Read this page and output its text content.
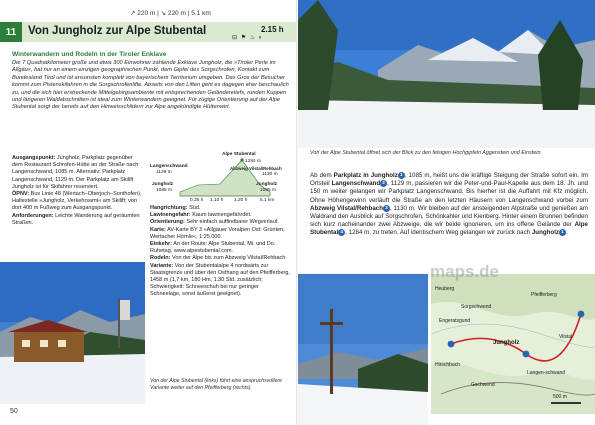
↗ 220 m | ↘ 220 m | 5.1 km
11	Von Jungholz zur Alpe Stubental	2.15 h
⊟ ⚑ ♨ ◐
Winterwandern und Rodeln in der Tiroler Enklave
Die 7 Quadratkilometer große und etwa 300 Einwohner zählende Exklave Jungholz, die »Tiroler Perle im Allgäu«, hat nur an einem einzigen geographischen Punkt, dem Gipfel des Sorgschrofen, Kontakt zum Bundesland Tirol und ist ansonsten komplett von bayerischem Territorium umgeben. Das Gros der Besucher kommt zum Pistenskifahren in die Sorgschrofenlifte. Abseits von den Liften geht es dagegen eher beschaulich zu, und die sich hier erstreckende Mittelgebirgsambiente mit entsprechenden Geländereliefs, runden Kuppen und längeren Waldabschnitten ist ideal zum Winterwandern geeignet. Für zügige Orientierung auf der Alpe Stubental sorgt der bereits auf den Hinweisschildern zur Alpe angekündigte Hüttenwirt.
Ausgangspunkt: Jungholz, Parkplatz gegenüber dem Restaurant Schrofen-Hütte an der Straße nach Langenschwand, 1085 m. Alternativ: Parkplatz Langenschwand, 1129 m. Der Parkplatz am Skilift Jungholz ist für Skifahrer reserviert.
ÖPNV: Bus Linie 48 (Wertach–Oberjoch–Sonthofen), Haltestelle »Jungholz, Verkehrsamt« am Skilift; von dort 400 m Fußweg zum Ausgangspunkt.
Anforderungen: Leichte Wanderung auf geräumten Straßen.
Alpe Stubental
1284 m
Langenschwand
1129 m
Abzweig Vilstal/Rehbach
1130 m
Jungholz
1085 m
Jungholz
1085 m
0.35 h 1.10 h 1.20 h	5.1 km
Hangrichtung: Süd.
Lawinengefahr: Kaum lawinengefährdet.
Orientierung: Sehr einfach auffindbarer Wegverlauf.
Karte: AV-Karte BY 3 »Allgäuer Voralpen Ost: Grünten, Wertacher Hörnle«, 1:25.000.
Einkehr: An der Route: Alpe Stubental, Mi. und Do. Ruhetag, www.alpestubental.com.
Rodeln: Von der Alpe bis zum Abzweig Vilstal/Rehbach.
Variante: Von der Stubentalalpe 4 nordwärts zur Staatsgrenze und über den Osthang auf den Pfeifferberg, 1458 m (1,7 km, 180 Hm, 1.30 Std. zusätzlich; Schwierigkeit: Schneeschuh bei nur geringer Schneelage, sonst äußerst geeignet).
Von der Alpe Stubental (links) führt eine anspruchsvollere Variante weiter auf den Pfeifferberg (rechts).
50
Von der Alpe Stubental öffnet sich der Blick zu den felsigen Hochgipfeln Aggenstein und Einstein.
Ab dem Parkplatz in Jungholz 1 , 1085 m, heißt uns die kräftige Steigung der Straße sofort ein. Im Ortsteil Langenschwand 2 , 1129 m, passieren wir die Peter-und-Paul-Kapelle aus dem 18. Jh. und 150 m weiter gelangen wir Parkplatz Langenschwand. Bis hierher ist die Auffahrt mit Kfz möglich. Ohne Höhengewinn verläuft die Straße an den letzten Häusern von Langenschwand vorbei zum Abzweig Vilstal/Rehbach 3 , 1130 m. Wir bleiben auf der ansteigenden Alpstraße und genießen am Waldrand den Ausblick auf Sorgschrofen, Schönkahler und Kienberg. Hinter einem Brunnen befinden sich kurz nacheinander zwei Abzweige, die wir beide ignorieren, um ins offene Gelände der Alpe Stubental 4 , 1284 m, zu treten. Auf identischem Weg gelangen wir zurück nach Jungholz 1 .
Heuberg
Pfeifferberg
Engeratsgund
Jungholz
Langen-schwand
Sorgschwend
Hirschbach
Gschwend
Vilstal
500 m
maps.de
